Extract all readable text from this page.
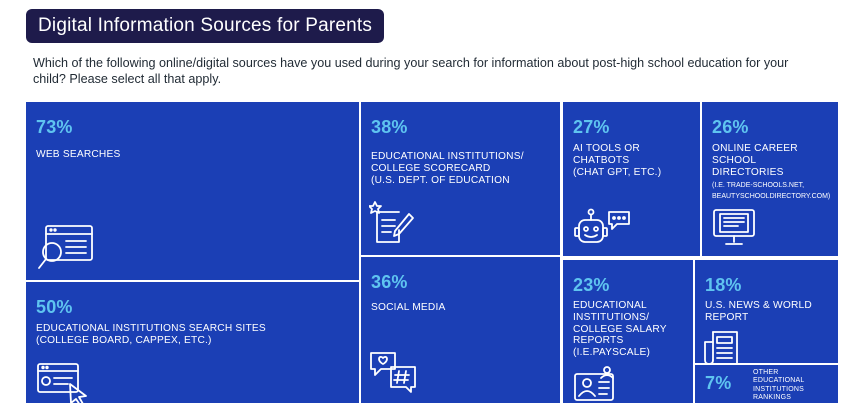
Digital Information Sources for Parents
Which of the following online/digital sources have you used during your search for information about post-high school education for your child? Please select all that apply.
73%
WEB SEARCHES
50%
EDUCATIONAL INSTITUTIONS SEARCH SITES
(COLLEGE BOARD, CAPPEX, ETC.)
38%
EDUCATIONAL INSTITUTIONS/
COLLEGE SCORECARD
(U.S. DEPT. OF EDUCATION
36%
SOCIAL MEDIA
27%
AI TOOLS OR
CHATBOTS
(CHAT GPT, ETC.)
26%
ONLINE CAREER
SCHOOL
DIRECTORIES
(I.E. TRADE-SCHOOLS.NET,
BEAUTYSCHOOLDIRECTORY.COM)
23%
EDUCATIONAL
INSTITUTIONS/
COLLEGE SALARY
REPORTS
(I.E.PAYSCALE)
18%
U.S. NEWS & WORLD
REPORT
7%
OTHER
EDUCATIONAL
INSTITUTIONS
RANKINGS
